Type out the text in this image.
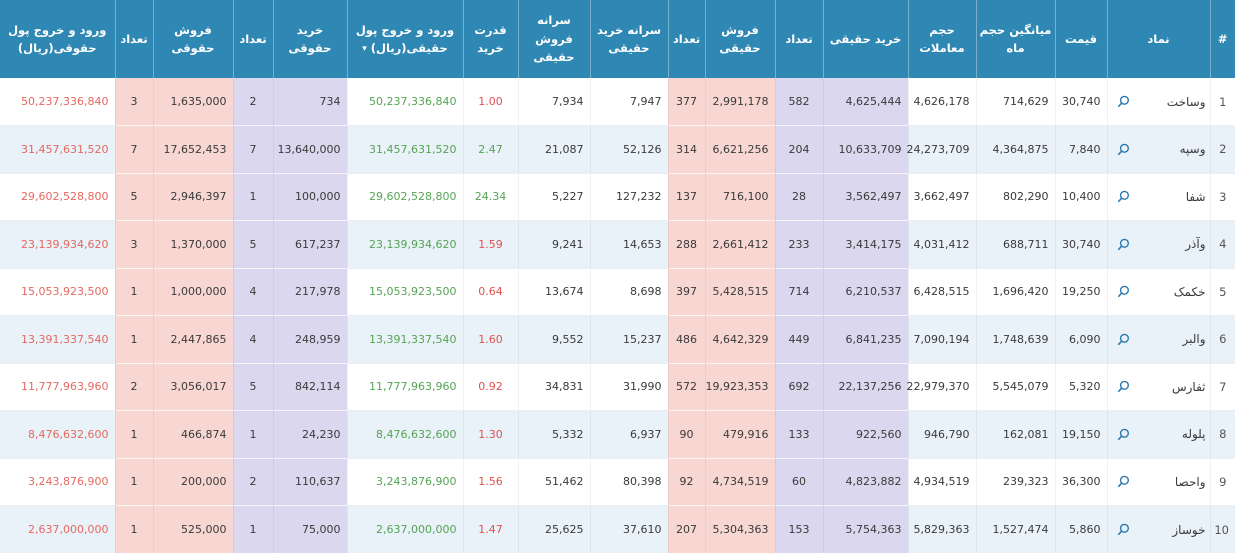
#	نماد	قیمت	میانگین حجم ماه	حجم معاملات	خرید حقیقی	تعداد	فروش حقیقی	تعداد	سرانه خرید حقیقی	سرانه فروش حقیقی	قدرت خرید	ورود و خروج پول حقیقی(ریال)▾	خرید حقوقی	تعداد	فروش حقوقی	تعداد	ورود و خروج پول حقوقی(ریال)
1	وساخت	30,740	714,629	4,626,178	4,625,444	582	2,991,178	377	7,947	7,934	1.00	50,237,336,840	734	2	1,635,000	3	50,237,336,840
2	وسپه	7,840	4,364,875	24,273,709	10,633,709	204	6,621,256	314	52,126	21,087	2.47	31,457,631,520	13,640,000	7	17,652,453	7	31,457,631,520
3	شفا	10,400	802,290	3,662,497	3,562,497	28	716,100	137	127,232	5,227	24.34	29,602,528,800	100,000	1	2,946,397	5	29,602,528,800
4	وآذر	30,740	688,711	4,031,412	3,414,175	233	2,661,412	288	14,653	9,241	1.59	23,139,934,620	617,237	5	1,370,000	3	23,139,934,620
5	خکمک	19,250	1,696,420	6,428,515	6,210,537	714	5,428,515	397	8,698	13,674	0.64	15,053,923,500	217,978	4	1,000,000	1	15,053,923,500
6	والبر	6,090	1,748,639	7,090,194	6,841,235	449	4,642,329	486	15,237	9,552	1.60	13,391,337,540	248,959	4	2,447,865	1	13,391,337,540
7	ثفارس	5,320	5,545,079	22,979,370	22,137,256	692	19,923,353	572	31,990	34,831	0.92	11,777,963,960	842,114	5	3,056,017	2	11,777,963,960
8	پلوله	19,150	162,081	946,790	922,560	133	479,916	90	6,937	5,332	1.30	8,476,632,600	24,230	1	466,874	1	8,476,632,600
9	واحصا	36,300	239,323	4,934,519	4,823,882	60	4,734,519	92	80,398	51,462	1.56	3,243,876,900	110,637	2	200,000	1	3,243,876,900
10	خوساز	5,860	1,527,474	5,829,363	5,754,363	153	5,304,363	207	37,610	25,625	1.47	2,637,000,000	75,000	1	525,000	1	2,637,000,000
